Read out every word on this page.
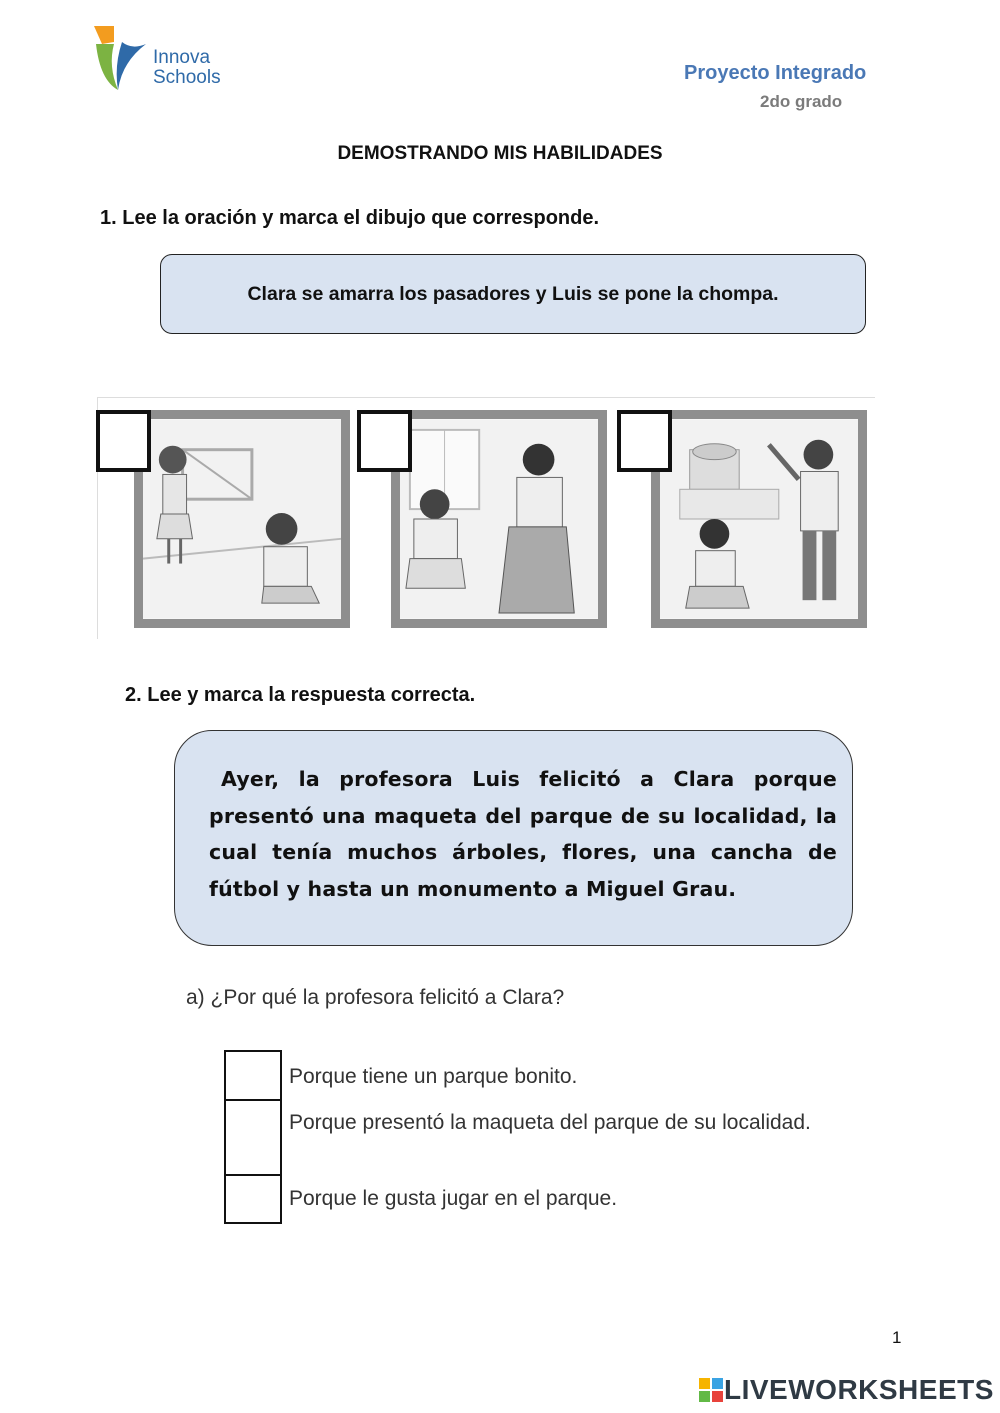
Innova
Schools	Proyecto Integrado
2do grado
DEMOSTRANDO MIS HABILIDADES
1. Lee la oración y marca el dibujo que corresponde.
Clara se amarra los pasadores y Luis se pone la chompa.
2. Lee y marca la respuesta correcta.

Ayer, la profesora Luis felicitó a Clara porque presentó una maqueta del parque de su localidad, la cual tenía muchos árboles, flores, una cancha de fútbol y hasta un monumento a Miguel Grau.

a) ¿Por qué la profesora felicitó a Clara?
Porque tiene un parque bonito.
Porque presentó la maqueta del parque de su localidad.
Porque le gusta jugar en el parque.
1
LIVEWORKSHEETS
